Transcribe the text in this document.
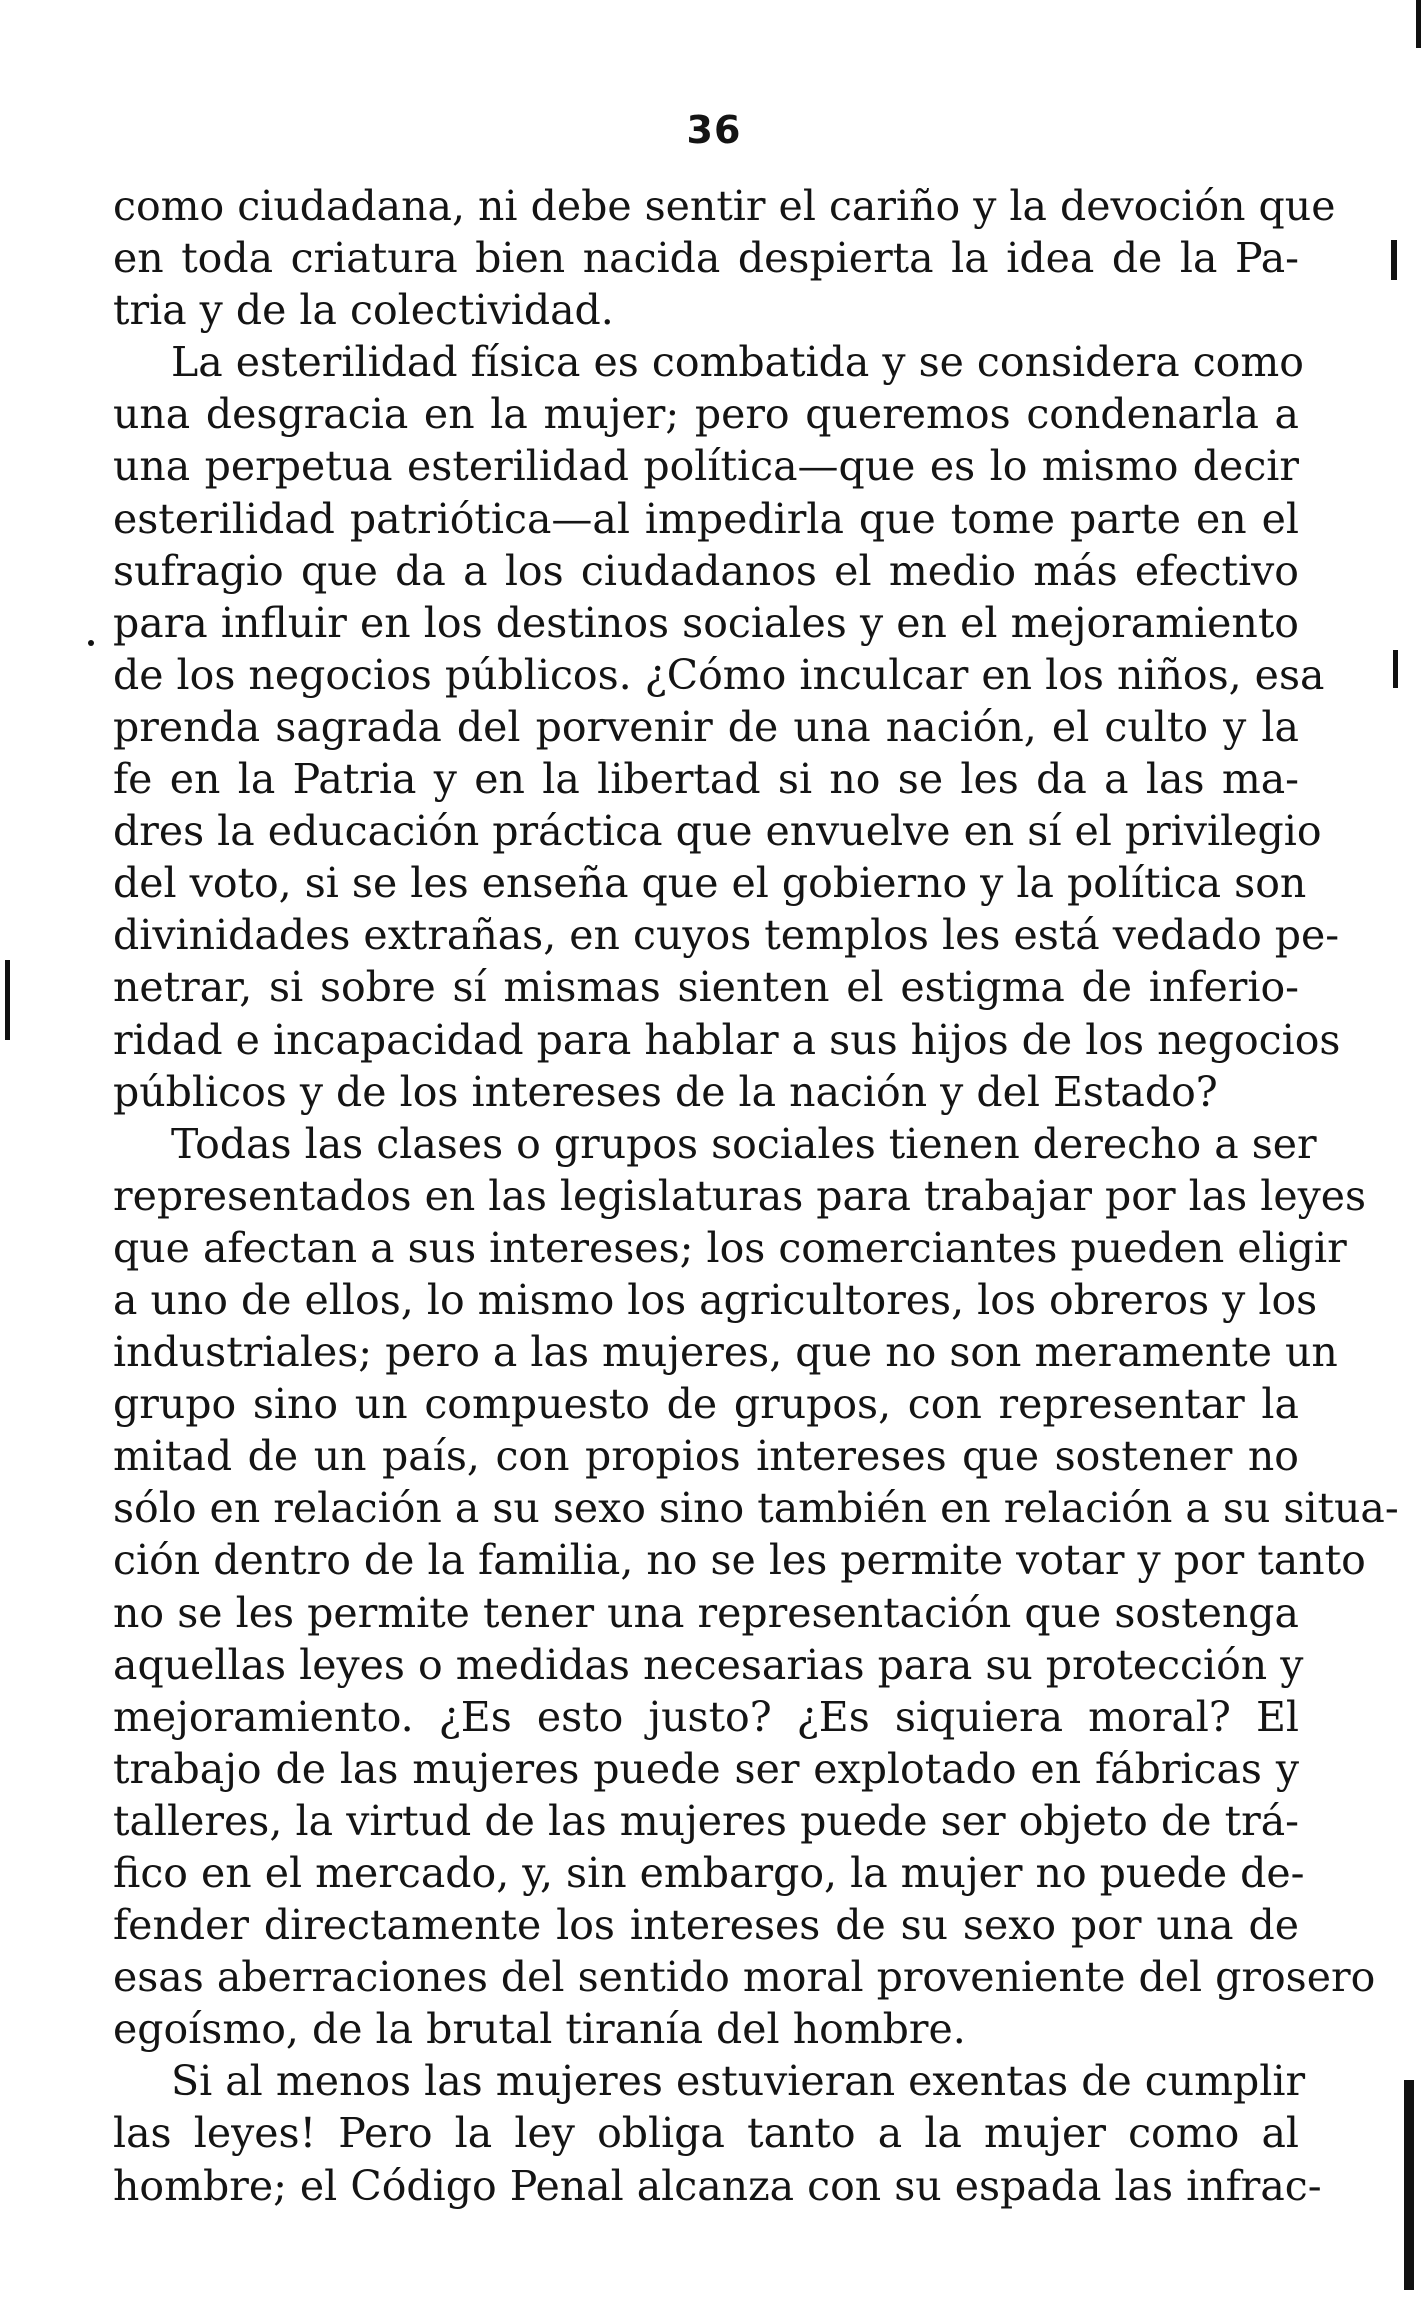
36
como ciudadana, ni debe sentir el cariño y la devoción que
en toda criatura bien nacida despierta la idea de la Pa-
tria y de la colectividad.
La esterilidad física es combatida y se considera como
una desgracia en la mujer; pero queremos condenarla a
una perpetua esterilidad política—que es lo mismo decir
esterilidad patriótica—al impedirla que tome parte en el
sufragio que da a los ciudadanos el medio más efectivo
para influir en los destinos sociales y en el mejoramiento
de los negocios públicos. ¿Cómo inculcar en los niños, esa
prenda sagrada del porvenir de una nación, el culto y la
fe en la Patria y en la libertad si no se les da a las ma-
dres la educación práctica que envuelve en sí el privilegio
del voto, si se les enseña que el gobierno y la política son
divinidades extrañas, en cuyos templos les está vedado pe-
netrar, si sobre sí mismas sienten el estigma de inferio-
ridad e incapacidad para hablar a sus hijos de los negocios
públicos y de los intereses de la nación y del Estado?
Todas las clases o grupos sociales tienen derecho a ser
representados en las legislaturas para trabajar por las leyes
que afectan a sus intereses; los comerciantes pueden eligir
a uno de ellos, lo mismo los agricultores, los obreros y los
industriales; pero a las mujeres, que no son meramente un
grupo sino un compuesto de grupos, con representar la
mitad de un país, con propios intereses que sostener no
sólo en relación a su sexo sino también en relación a su situa-
ción dentro de la familia, no se les permite votar y por tanto
no se les permite tener una representación que sostenga
aquellas leyes o medidas necesarias para su protección y
mejoramiento. ¿Es esto justo? ¿Es siquiera moral? El
trabajo de las mujeres puede ser explotado en fábricas y
talleres, la virtud de las mujeres puede ser objeto de trá-
fico en el mercado, y, sin embargo, la mujer no puede de-
fender directamente los intereses de su sexo por una de
esas aberraciones del sentido moral proveniente del grosero
egoísmo, de la brutal tiranía del hombre.
Si al menos las mujeres estuvieran exentas de cumplir
las leyes! Pero la ley obliga tanto a la mujer como al
hombre; el Código Penal alcanza con su espada las infrac-
